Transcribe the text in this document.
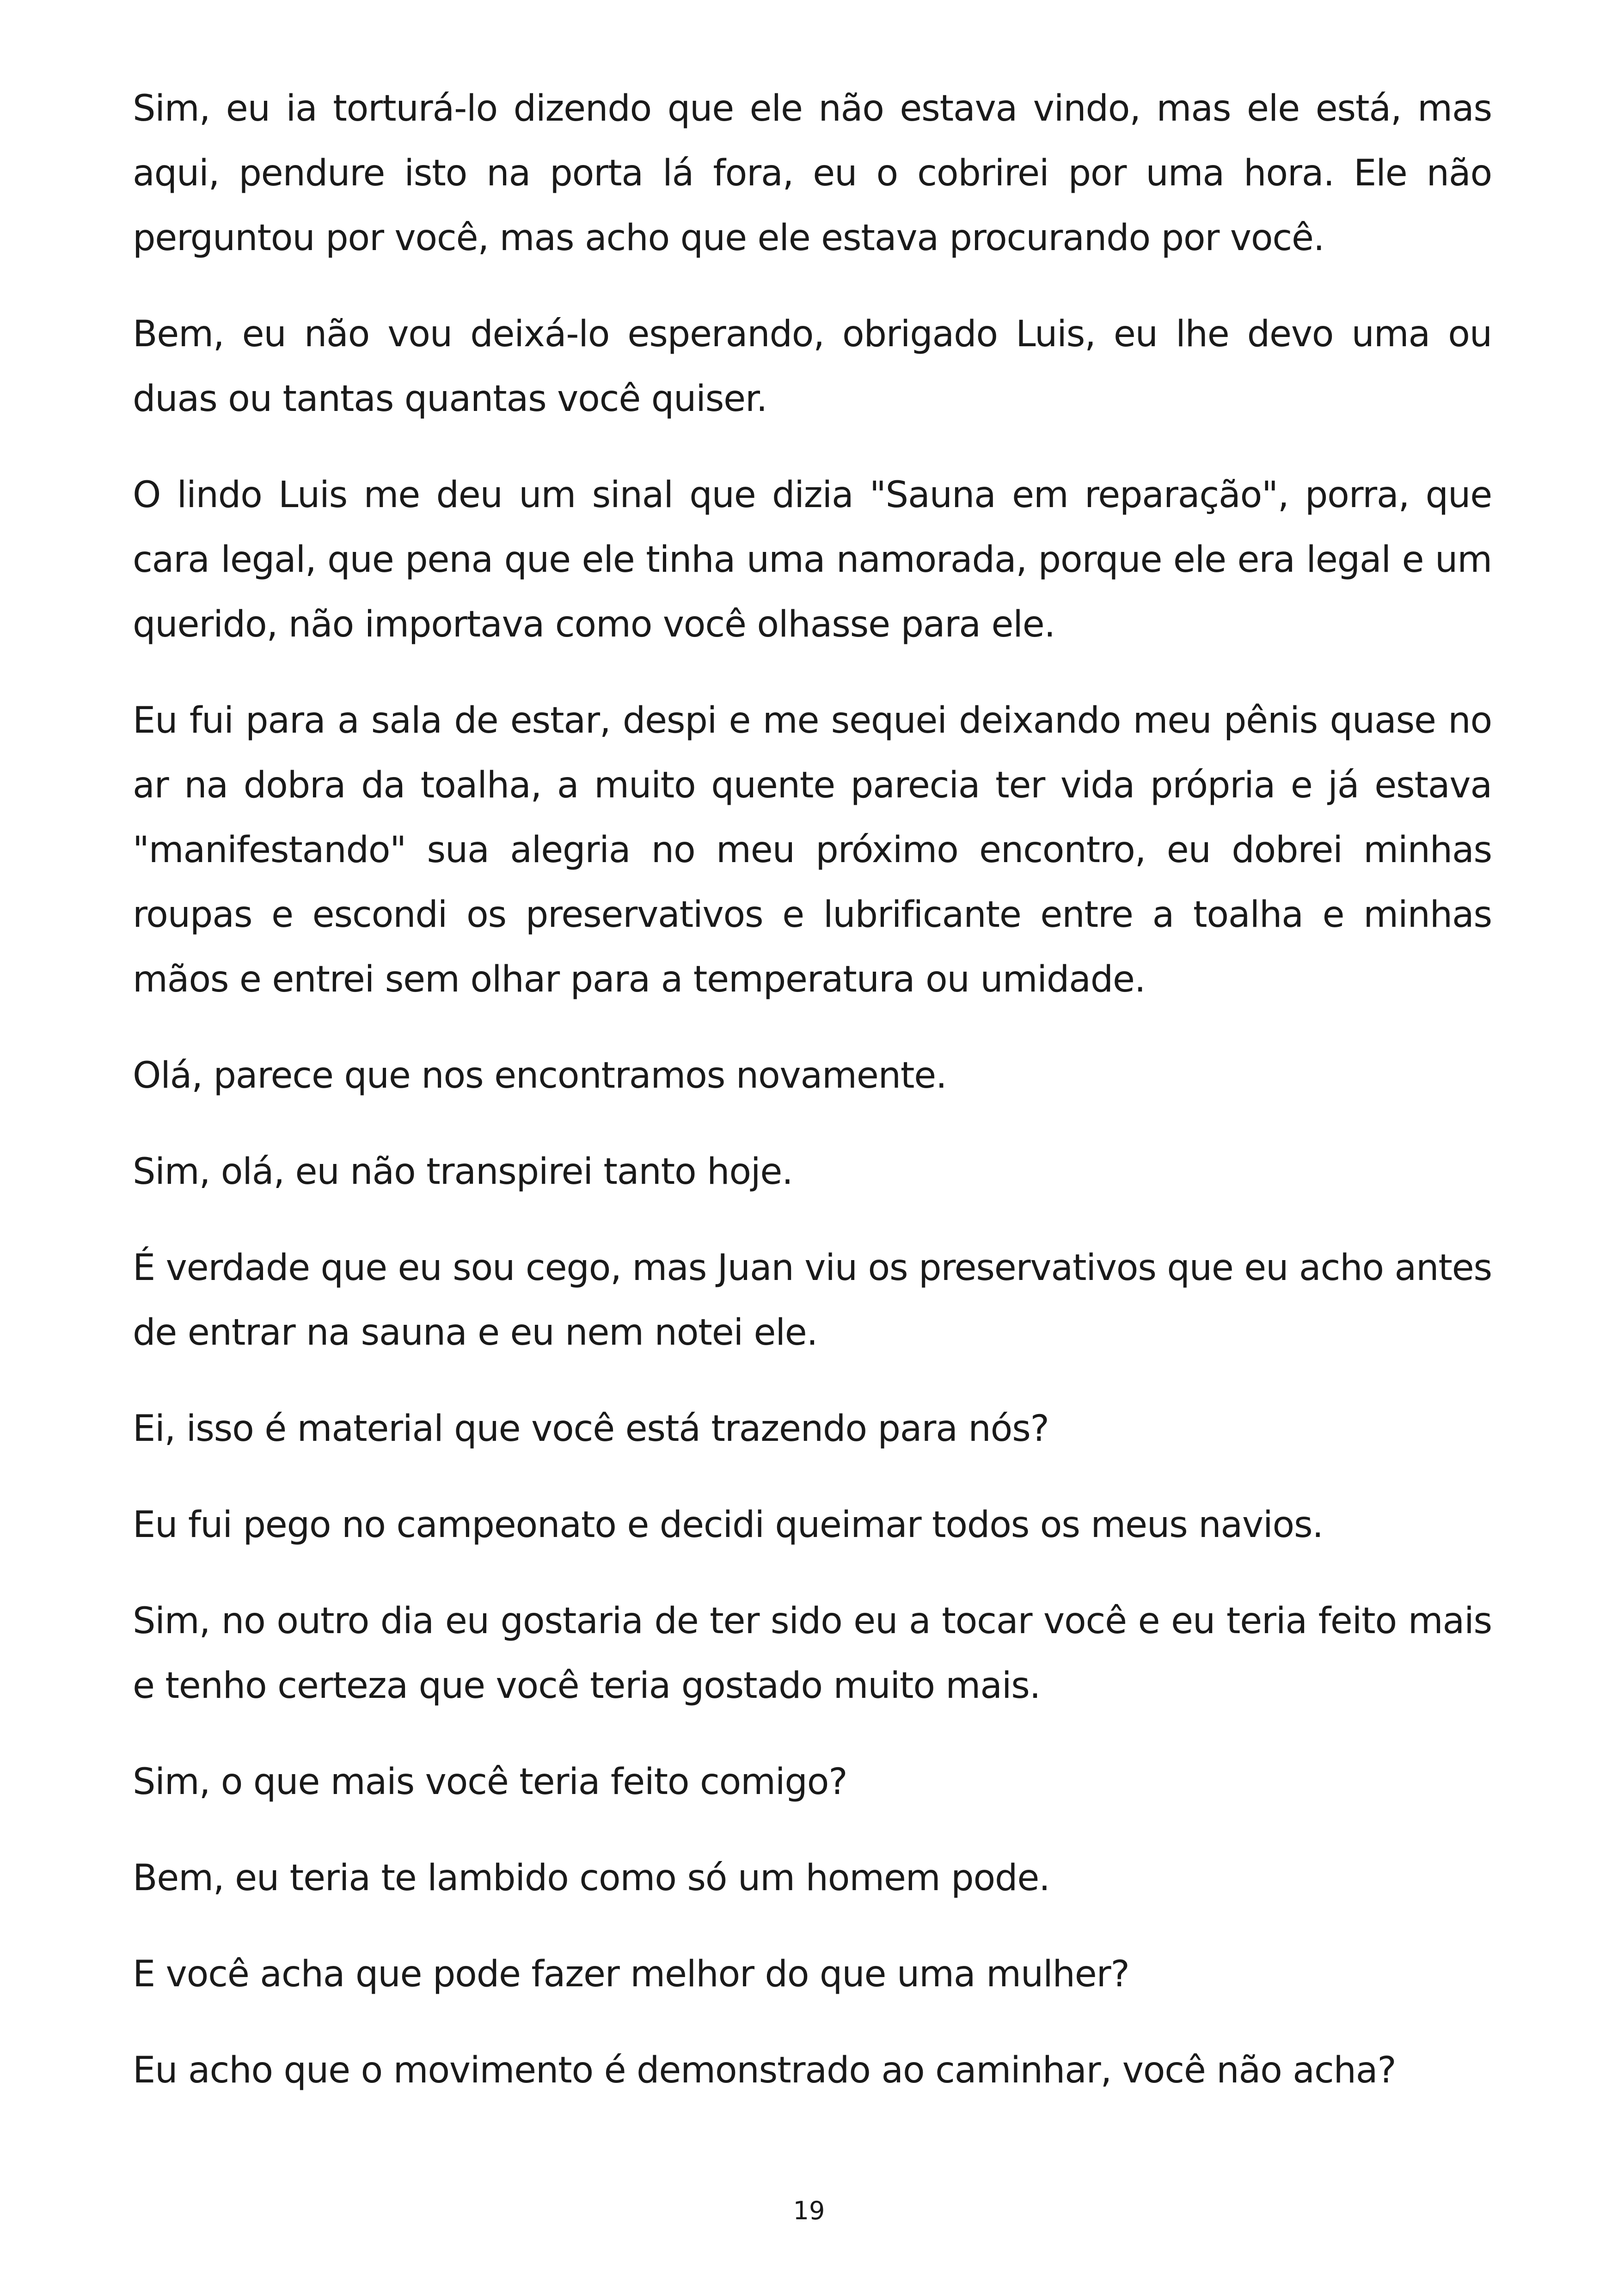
Sim, eu ia torturá-lo dizendo que ele não estava vindo, mas ele está, mas aqui, pendure isto na porta lá fora, eu o cobrirei por uma hora. Ele não perguntou por você, mas acho que ele estava procurando por você.

Bem, eu não vou deixá-lo esperando, obrigado Luis, eu lhe devo uma ou duas ou tantas quantas você quiser.

O lindo Luis me deu um sinal que dizia "Sauna em reparação", porra, que cara legal, que pena que ele tinha uma namorada, porque ele era legal e um querido, não importava como você olhasse para ele.

Eu fui para a sala de estar, despi e me sequei deixando meu pênis quase no ar na dobra da toalha, a muito quente parecia ter vida própria e já estava "manifestando" sua alegria no meu próximo encontro, eu dobrei minhas roupas e escondi os preservativos e lubrificante entre a toalha e minhas mãos e entrei sem olhar para a temperatura ou umidade.

Olá, parece que nos encontramos novamente.

Sim, olá, eu não transpirei tanto hoje.

É verdade que eu sou cego, mas Juan viu os preservativos que eu acho antes de entrar na sauna e eu nem notei ele.

Ei, isso é material que você está trazendo para nós?

Eu fui pego no campeonato e decidi queimar todos os meus navios.

Sim, no outro dia eu gostaria de ter sido eu a tocar você e eu teria feito mais e tenho certeza que você teria gostado muito mais.

Sim, o que mais você teria feito comigo?

Bem, eu teria te lambido como só um homem pode.

E você acha que pode fazer melhor do que uma mulher?

Eu acho que o movimento é demonstrado ao caminhar, você não acha?

19
